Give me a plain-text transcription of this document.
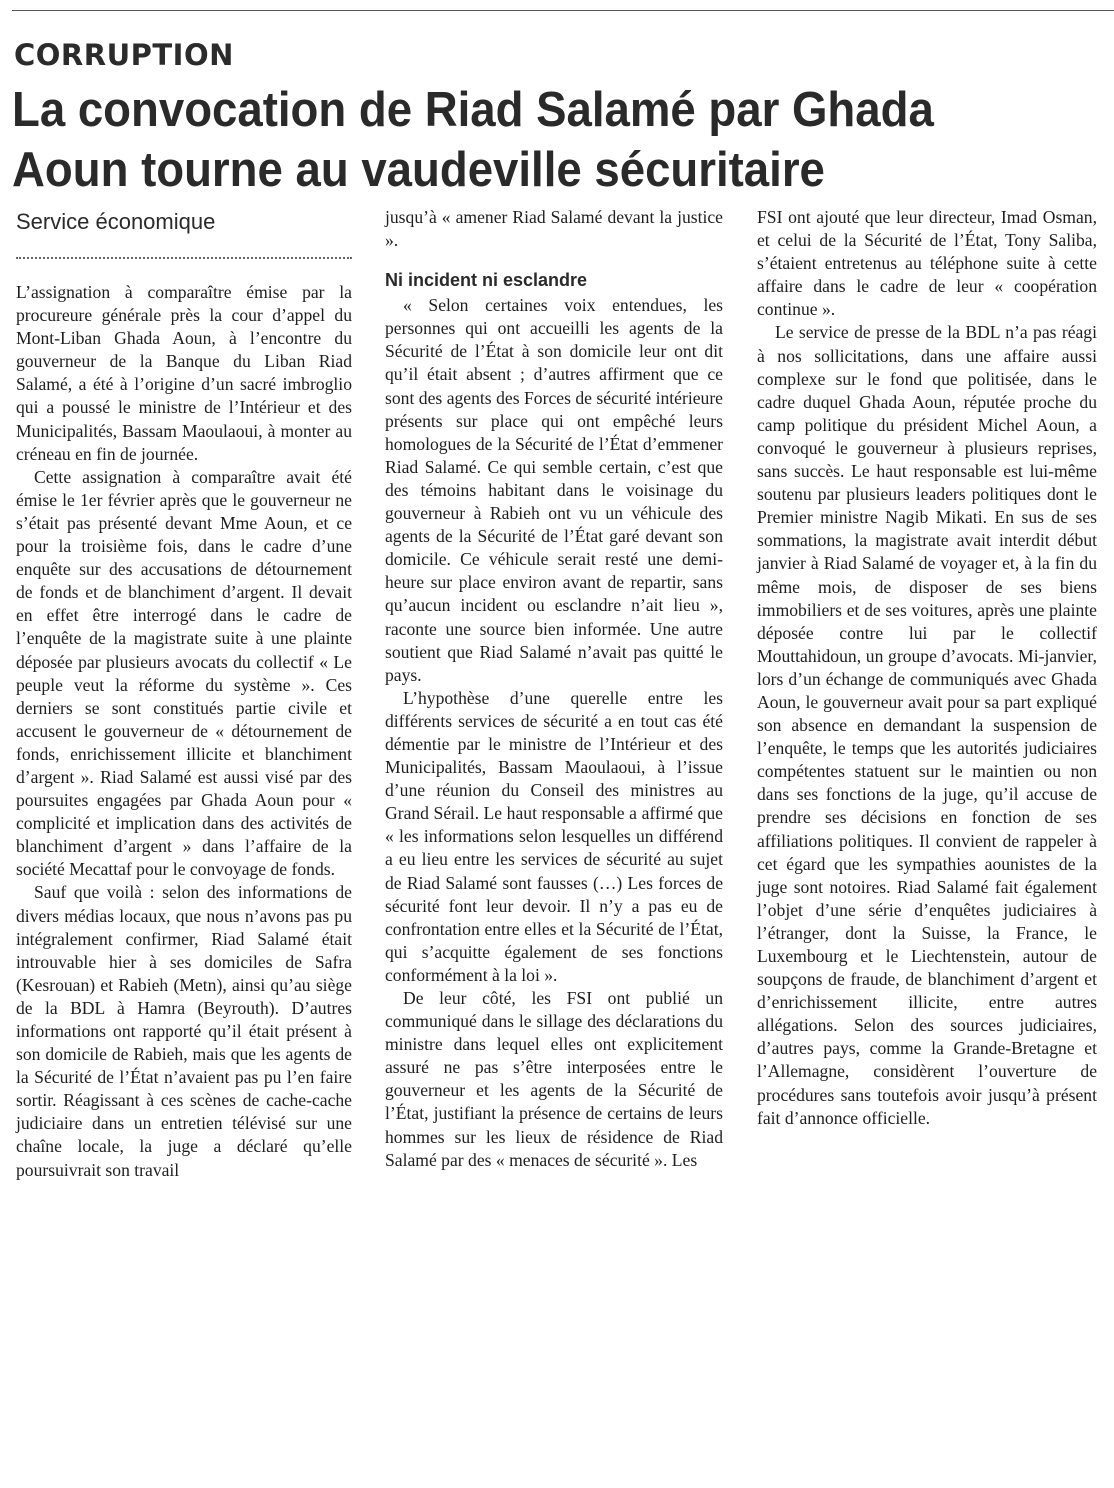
CORRUPTION
La convocation de Riad Salamé par Ghada Aoun tourne au vaudeville sécuritaire
Service économique

L’assignation à comparaître émise par la procureure générale près la cour d’appel du Mont-Liban Ghada Aoun, à l’encontre du gouverneur de la Banque du Liban Riad Salamé, a été à l’origine d’un sacré imbroglio qui a poussé le ministre de l’Intérieur et des Municipalités, Bassam Maoulaoui, à monter au créneau en fin de journée.

Cette assignation à comparaître avait été émise le 1er février après que le gouverneur ne s’était pas présenté devant Mme Aoun, et ce pour la troisième fois, dans le cadre d’une enquête sur des accusations de détournement de fonds et de blanchiment d’argent. Il devait en effet être interrogé dans le cadre de l’enquête de la magistrate suite à une plainte déposée par plusieurs avocats du collectif « Le peuple veut la réforme du système ». Ces derniers se sont constitués partie civile et accusent le gouverneur de « détournement de fonds, enrichissement illicite et blanchiment d’argent ». Riad Salamé est aussi visé par des poursuites engagées par Ghada Aoun pour « complicité et implication dans des activités de blanchiment d’argent » dans l’affaire de la société Mecattaf pour le convoyage de fonds.

Sauf que voilà : selon des informations de divers médias locaux, que nous n’avons pas pu intégralement confirmer, Riad Salamé était introuvable hier à ses domiciles de Safra (Kesrouan) et Rabieh (Metn), ainsi qu’au siège de la BDL à Hamra (Beyrouth). D’autres informations ont rapporté qu’il était présent à son domicile de Rabieh, mais que les agents de la Sécurité de l’État n’avaient pas pu l’en faire sortir. Réagissant à ces scènes de cache-cache judiciaire dans un entretien télévisé sur une chaîne locale, la juge a déclaré qu’elle poursuivrait son travail

jusqu’à « amener Riad Salamé devant la justice ».

Ni incident ni esclandre

« Selon certaines voix entendues, les personnes qui ont accueilli les agents de la Sécurité de l’État à son domicile leur ont dit qu’il était absent ; d’autres affirment que ce sont des agents des Forces de sécurité intérieure présents sur place qui ont empêché leurs homologues de la Sécurité de l’État d’emmener Riad Salamé. Ce qui semble certain, c’est que des témoins habitant dans le voisinage du gouverneur à Rabieh ont vu un véhicule des agents de la Sécurité de l’État garé devant son domicile. Ce véhicule serait resté une demi-heure sur place environ avant de repartir, sans qu’aucun incident ou esclandre n’ait lieu », raconte une source bien informée. Une autre soutient que Riad Salamé n’avait pas quitté le pays.

L’hypothèse d’une querelle entre les différents services de sécurité a en tout cas été démentie par le ministre de l’Intérieur et des Municipalités, Bassam Maoulaoui, à l’issue d’une réunion du Conseil des ministres au Grand Sérail. Le haut responsable a affirmé que « les informations selon lesquelles un différend a eu lieu entre les services de sécurité au sujet de Riad Salamé sont fausses (…) Les forces de sécurité font leur devoir. Il n’y a pas eu de confrontation entre elles et la Sécurité de l’État, qui s’acquitte également de ses fonctions conformément à la loi ».

De leur côté, les FSI ont publié un communiqué dans le sillage des déclarations du ministre dans lequel elles ont explicitement assuré ne pas s’être interposées entre le gouverneur et les agents de la Sécurité de l’État, justifiant la présence de certains de leurs hommes sur les lieux de résidence de Riad Salamé par des « menaces de sécurité ». Les

FSI ont ajouté que leur directeur, Imad Osman, et celui de la Sécurité de l’État, Tony Saliba, s’étaient entretenus au téléphone suite à cette affaire dans le cadre de leur « coopération continue ».

Le service de presse de la BDL n’a pas réagi à nos sollicitations, dans une affaire aussi complexe sur le fond que politisée, dans le cadre duquel Ghada Aoun, réputée proche du camp politique du président Michel Aoun, a convoqué le gouverneur à plusieurs reprises, sans succès. Le haut responsable est lui-même soutenu par plusieurs leaders politiques dont le Premier ministre Nagib Mikati. En sus de ses sommations, la magistrate avait interdit début janvier à Riad Salamé de voyager et, à la fin du même mois, de disposer de ses biens immobiliers et de ses voitures, après une plainte déposée contre lui par le collectif Mouttahidoun, un groupe d’avocats. Mi-janvier, lors d’un échange de communiqués avec Ghada Aoun, le gouverneur avait pour sa part expliqué son absence en demandant la suspension de l’enquête, le temps que les autorités judiciaires compétentes statuent sur le maintien ou non dans ses fonctions de la juge, qu’il accuse de prendre ses décisions en fonction de ses affiliations politiques. Il convient de rappeler à cet égard que les sympathies aounistes de la juge sont notoires. Riad Salamé fait également l’objet d’une série d’enquêtes judiciaires à l’étranger, dont la Suisse, la France, le Luxembourg et le Liechtenstein, autour de soupçons de fraude, de blanchiment d’argent et d’enrichissement illicite, entre autres allégations. Selon des sources judiciaires, d’autres pays, comme la Grande-Bretagne et l’Allemagne, considèrent l’ouverture de procédures sans toutefois avoir jusqu’à présent fait d’annonce officielle.
